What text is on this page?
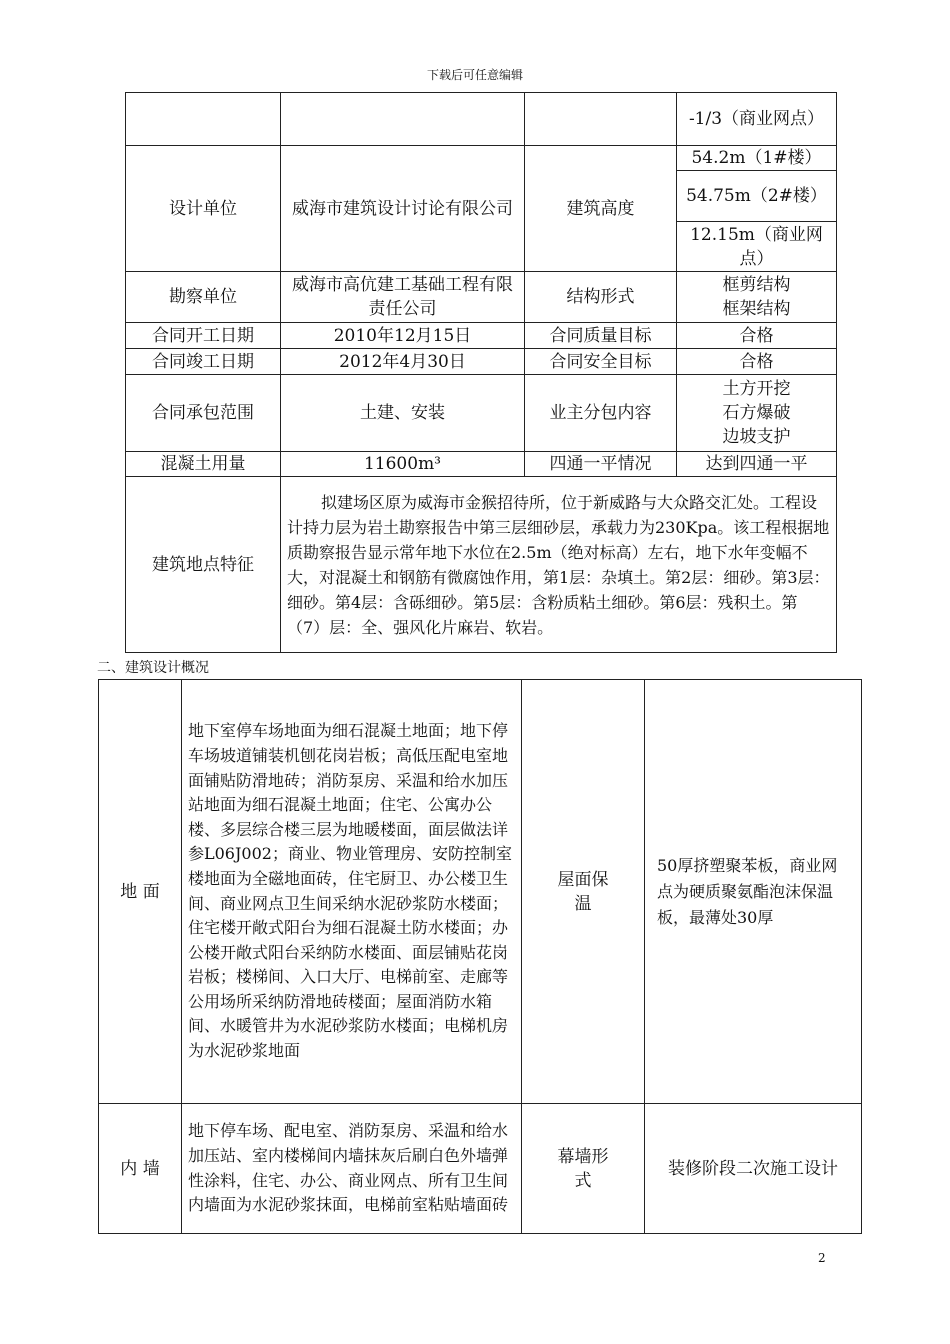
下载后可任意编辑
			-1/3（商业网点）
设计单位	威海市建筑设计讨论有限公司	建筑高度	54.2m（1#楼）
			54.75m（2#楼）
			12.15m（商业网点）
勘察单位	威海市高伉建工基础工程有限责任公司	结构形式	框剪结构
框架结构
合同开工日期	2010年12月15日	合同质量目标	合格
合同竣工日期	2012年4月30日	合同安全目标	合格
合同承包范围	土建、安装	业主分包内容	土方开挖
石方爆破
边坡支护
混凝土用量	11600m³	四通一平情况	达到四通一平
建筑地点特征	拟建场区原为威海市金猴招待所，位于新威路与大众路交汇处。工程设计持力层为岩土勘察报告中第三层细砂层，承载力为230Kpa。该工程根据地质勘察报告显示常年地下水位在2.5m（绝对标高）左右，地下水年变幅不大，对混凝土和钢筋有微腐蚀作用，第1层：杂填土。第2层：细砂。第3层：细砂。第4层：含砾细砂。第5层：含粉质粘土细砂。第6层：残积土。第（7）层：全、强风化片麻岩、软岩。		
二、建筑设计概况
地 面	地下室停车场地面为细石混凝土地面；地下停车场坡道铺装机刨花岗岩板；高低压配电室地面铺贴防滑地砖；消防泵房、采温和给水加压站地面为细石混凝土地面；住宅、公寓办公楼、多层综合楼三层为地暖楼面，面层做法详参L06J002；商业、物业管理房、安防控制室楼地面为全磁地面砖，住宅厨卫、办公楼卫生间、商业网点卫生间采纳水泥砂浆防水楼面；住宅楼开敞式阳台为细石混凝土防水楼面；办公楼开敞式阳台采纳防水楼面、面层铺贴花岗岩板；楼梯间、入口大厅、电梯前室、走廊等公用场所采纳防滑地砖楼面；屋面消防水箱间、水暖管井为水泥砂浆防水楼面；电梯机房为水泥砂浆地面	屋面保温	50厚挤塑聚苯板，商业网点为硬质聚氨酯泡沫保温板，最薄处30厚
内 墙	地下停车场、配电室、消防泵房、采温和给水加压站、室内楼梯间内墙抹灰后刷白色外墙弹性涂料，住宅、办公、商业网点、所有卫生间内墙面为水泥砂浆抹面，电梯前室粘贴墙面砖	幕墙形式	装修阶段二次施工设计
2
